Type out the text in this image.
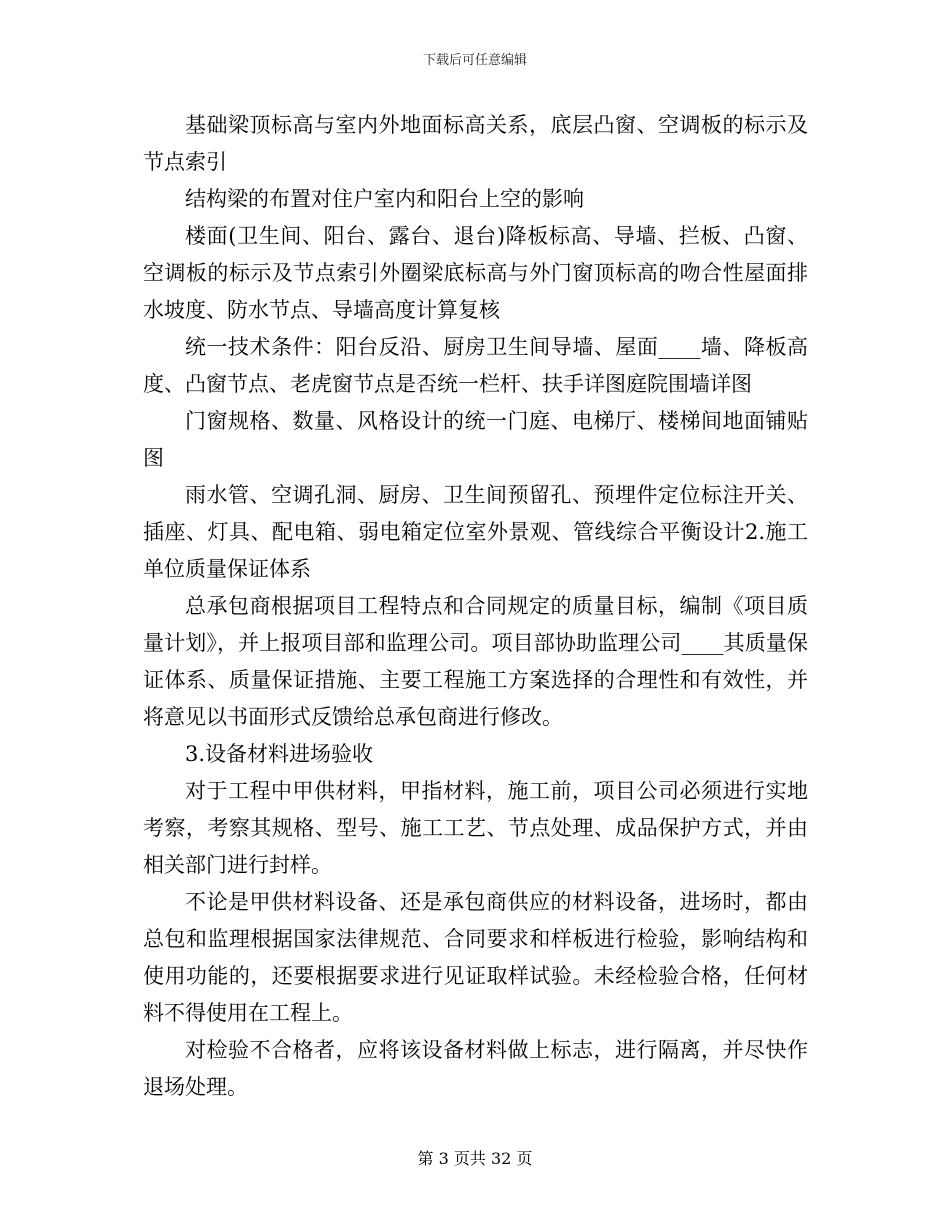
下载后可任意编辑

基础梁顶标高与室内外地面标高关系，底层凸窗、空调板的标示及节点索引

结构梁的布置对住户室内和阳台上空的影响

楼面(卫生间、阳台、露台、退台)降板标高、导墙、拦板、凸窗、空调板的标示及节点索引外圈梁底标高与外门窗顶标高的吻合性屋面排水坡度、防水节点、导墙高度计算复核

统一技术条件：阳台反沿、厨房卫生间导墙、屋面____墙、降板高度、凸窗节点、老虎窗节点是否统一栏杆、扶手详图庭院围墙详图

门窗规格、数量、风格设计的统一门庭、电梯厅、楼梯间地面铺贴图

雨水管、空调孔洞、厨房、卫生间预留孔、预埋件定位标注开关、插座、灯具、配电箱、弱电箱定位室外景观、管线综合平衡设计2.施工单位质量保证体系

总承包商根据项目工程特点和合同规定的质量目标，编制《项目质量计划》，并上报项目部和监理公司。项目部协助监理公司____其质量保证体系、质量保证措施、主要工程施工方案选择的合理性和有效性，并将意见以书面形式反馈给总承包商进行修改。

3.设备材料进场验收

对于工程中甲供材料，甲指材料，施工前，项目公司必须进行实地考察，考察其规格、型号、施工工艺、节点处理、成品保护方式，并由相关部门进行封样。

不论是甲供材料设备、还是承包商供应的材料设备，进场时，都由总包和监理根据国家法律规范、合同要求和样板进行检验，影响结构和使用功能的，还要根据要求进行见证取样试验。未经检验合格，任何材料不得使用在工程上。

对检验不合格者，应将该设备材料做上标志，进行隔离，并尽快作退场处理。

第 3 页共 32 页
